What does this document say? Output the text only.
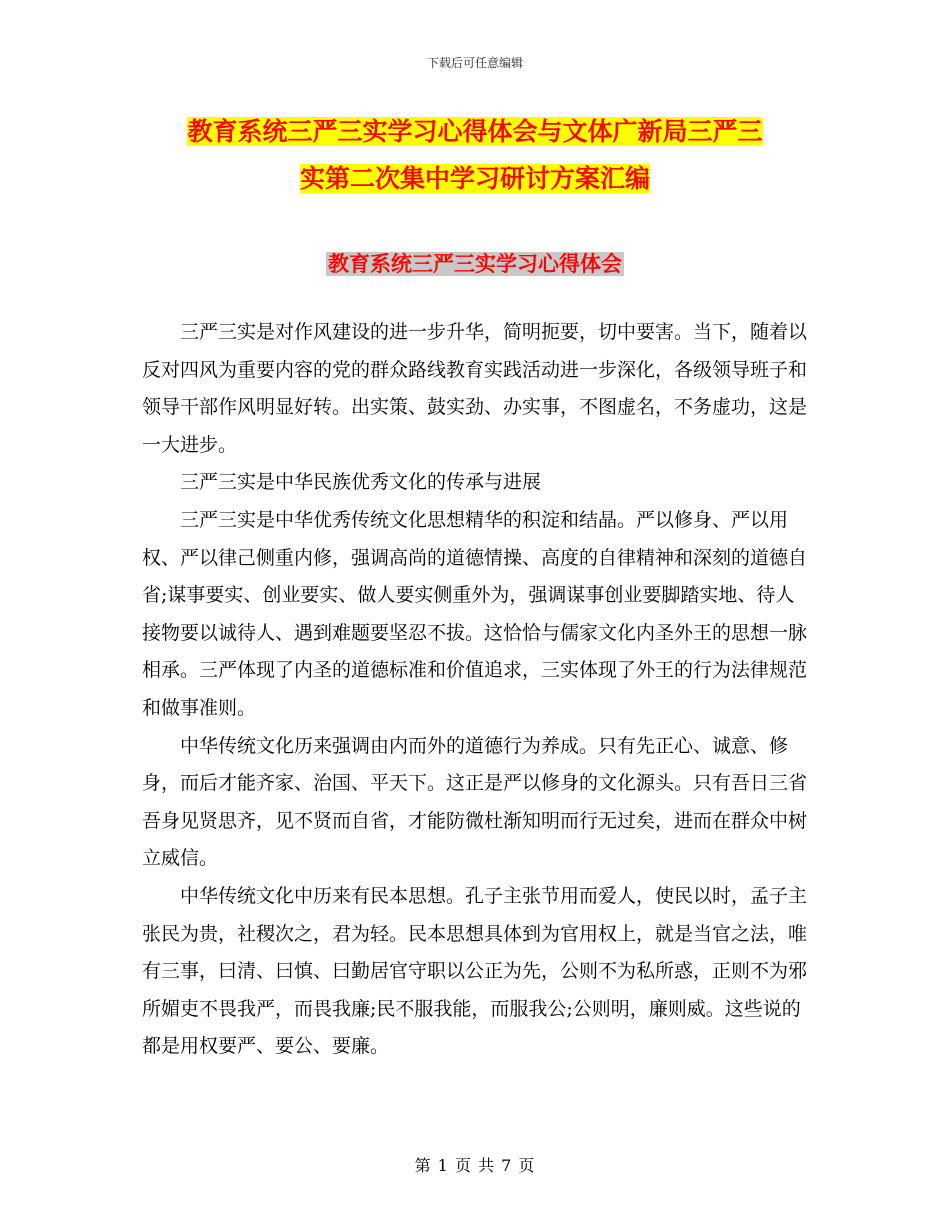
下载后可任意编辑
教育系统三严三实学习心得体会与文体广新局三严三
实第二次集中学习研讨方案汇编
教育系统三严三实学习心得体会

三严三实是对作风建设的进一步升华，简明扼要，切中要害。当下，随着以反对四风为重要内容的党的群众路线教育实践活动进一步深化，各级领导班子和领导干部作风明显好转。出实策、鼓实劲、办实事，不图虚名，不务虚功，这是一大进步。

三严三实是中华民族优秀文化的传承与进展

三严三实是中华优秀传统文化思想精华的积淀和结晶。严以修身、严以用权、严以律己侧重内修，强调高尚的道德情操、高度的自律精神和深刻的道德自省;谋事要实、创业要实、做人要实侧重外为，强调谋事创业要脚踏实地、待人接物要以诚待人、遇到难题要坚忍不拔。这恰恰与儒家文化内圣外王的思想一脉相承。三严体现了内圣的道德标准和价值追求，三实体现了外王的行为法律规范和做事准则。

中华传统文化历来强调由内而外的道德行为养成。只有先正心、诚意、修身，而后才能齐家、治国、平天下。这正是严以修身的文化源头。只有吾日三省吾身见贤思齐，见不贤而自省，才能防微杜渐知明而行无过矣，进而在群众中树立威信。

中华传统文化中历来有民本思想。孔子主张节用而爱人，使民以时，孟子主张民为贵，社稷次之，君为轻。民本思想具体到为官用权上，就是当官之法，唯有三事，曰清、曰慎、曰勤居官守职以公正为先，公则不为私所惑，正则不为邪所媚吏不畏我严，而畏我廉;民不服我能，而服我公;公则明，廉则威。这些说的都是用权要严、要公、要廉。

第 1 页 共 7 页
